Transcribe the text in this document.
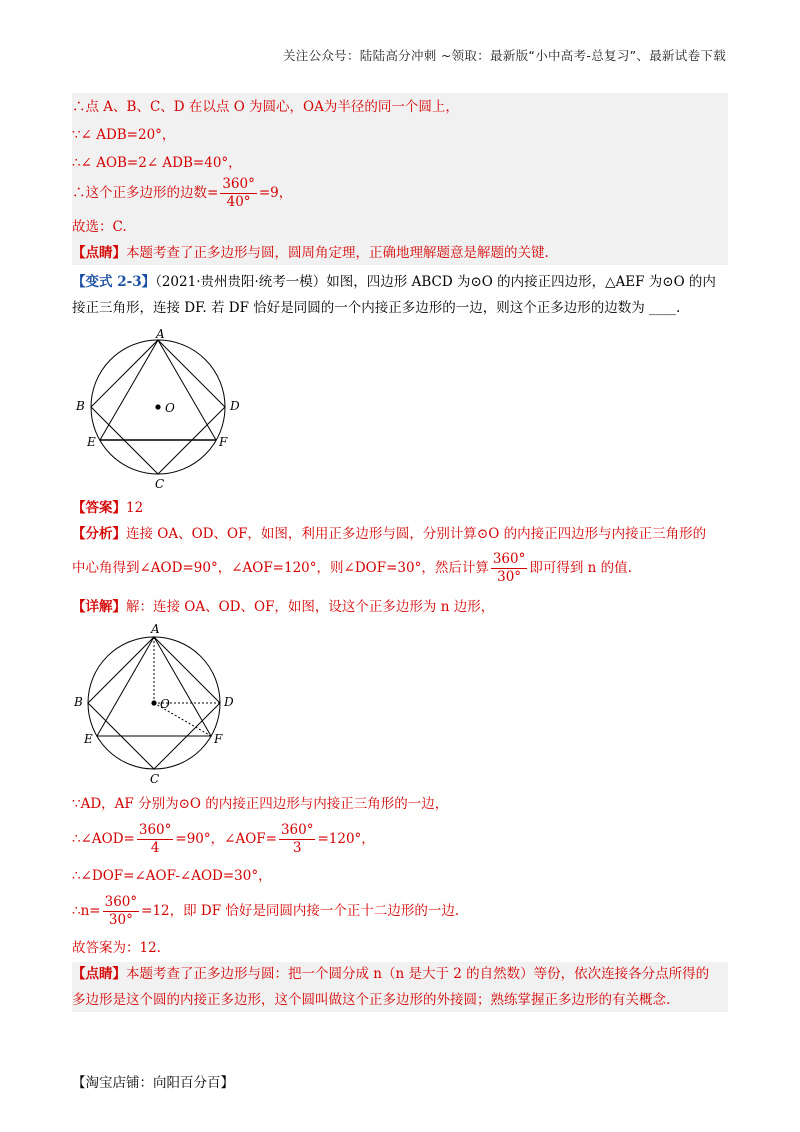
关注公众号：陆陆高分冲刺 ~领取：最新版“小中高考-总复习”、最新试卷下载
∴点 A、B、C、D 在以点 O 为圆心，OA为半径的同一个圆上，
∵∠ ADB=20°，
∴∠ AOB=2∠ ADB=40°，
∴这个正多边形的边数= $\frac{360^\circ}{40^\circ} =9$，
故选：C.
【点睛】本题考查了正多边形与圆，圆周角定理，正确地理解题意是解题的关键.
【变式 2-3】（2021·贵州贵阳·统考一模）如图，四边形 ABCD 为⊙O 的内接正四边形，△AEF 为⊙O 的内
接正三角形，连接 DF. 若 DF 恰好是同圆的一个内接正多边形的一边，则这个正多边形的边数为 ____.
A
B
C
D
E	F
O
【答案】12
【分析】连接 OA、OD、OF，如图，利用正多边形与圆，分别计算⊙O 的内接正四边形与内接正三角形的
中心角得到∠AOD=90°，∠AOF=120°，则∠DOF=30°，然后计算 $\frac{360^\circ}{30^\circ}$ 即可得到 n 的值.
【详解】解：连接 OA、OD、OF，如图，设这个正多边形为 n 边形，
A
B
C
D
E	F
O
∵AD，AF 分别为⊙O 的内接正四边形与内接正三角形的一边，
∴∠AOD= $\frac{360^\circ}{4} =90^\circ$，∠AOF= $\frac{360^\circ}{3} =120^\circ$，
∴∠DOF=∠AOF-∠AOD=30°，
∴n= $\frac{360^\circ}{30^\circ} =12$，即 DF 恰好是同圆内接一个正十二边形的一边.
故答案为：12.
【点睛】本题考查了正多边形与圆：把一个圆分成 n（n 是大于 2 的自然数）等份，依次连接各分点所得的
多边形是这个圆的内接正多边形，这个圆叫做这个正多边形的外接圆；熟练掌握正多边形的有关概念.
【淘宝店铺：向阳百分百】
